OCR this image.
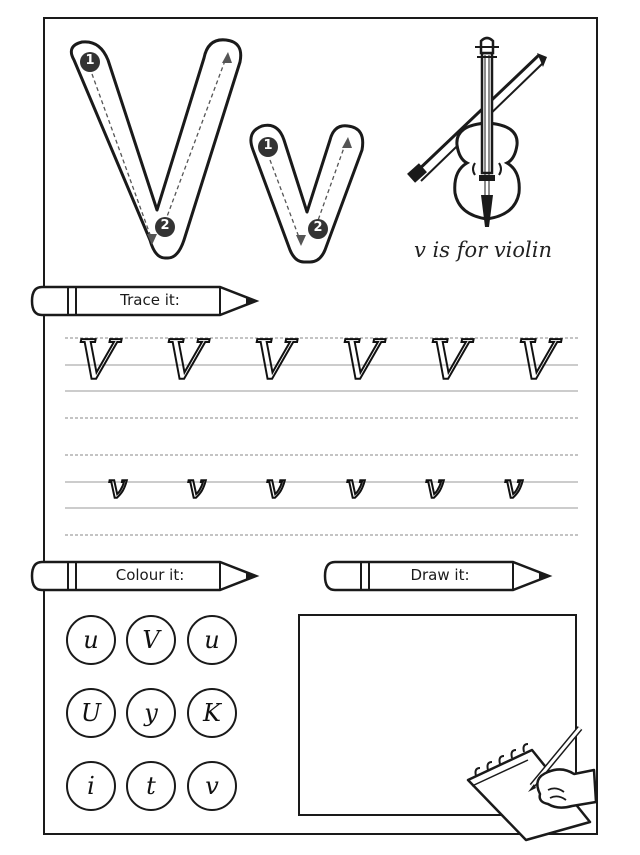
1
2
1
2
v is for violin
Trace it:
V V V V V V
v v v v v v
Colour it:	Draw it:
u	V	u
U	y	K
i	t	v
